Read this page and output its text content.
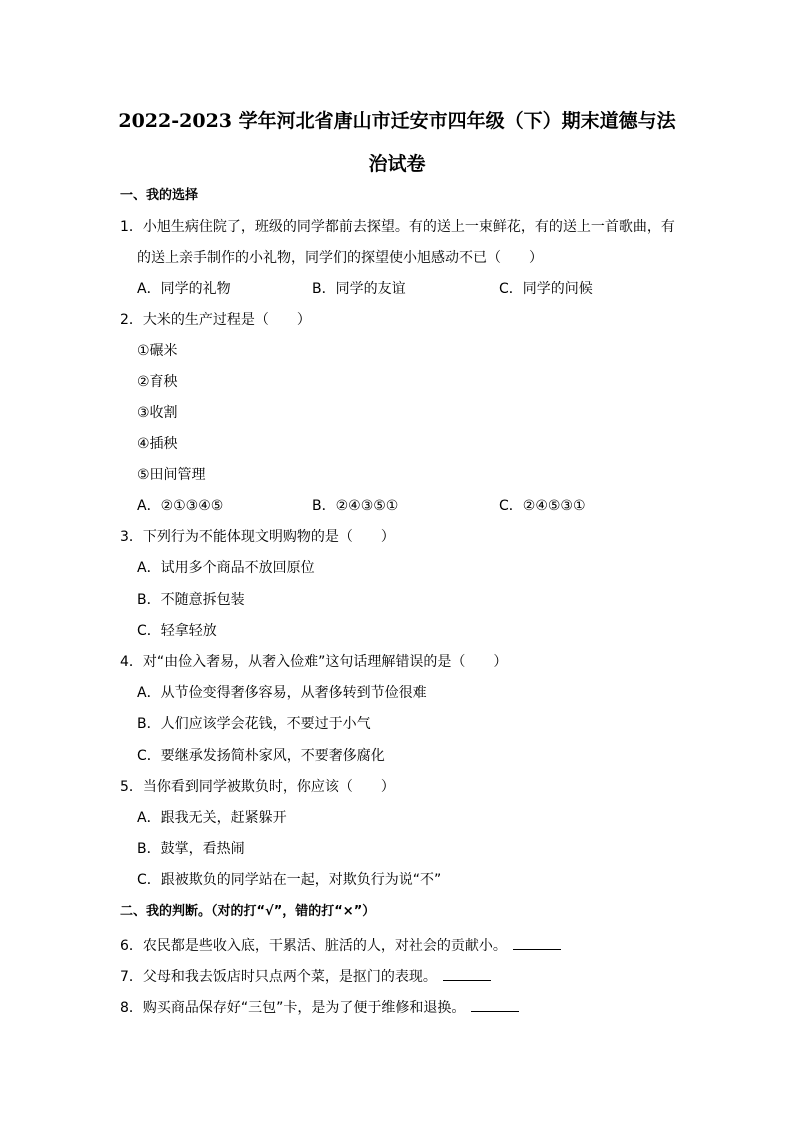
2022-2023 学年河北省唐山市迁安市四年级（下）期末道德与法
治试卷
一、我的选择
1．小旭生病住院了，班级的同学都前去探望。有的送上一束鲜花，有的送上一首歌曲，有
的送上亲手制作的小礼物，同学们的探望使小旭感动不已（　　）
A．同学的礼物	B．同学的友谊	C．同学的问候
2．大米的生产过程是（　　）
①碾米
②育秧
③收割
④插秧
⑤田间管理
A．②①③④⑤	B．②④③⑤①	C．②④⑤③①
3．下列行为不能体现文明购物的是（　　）
A．试用多个商品不放回原位
B．不随意拆包装
C．轻拿轻放
4．对“由俭入奢易，从奢入俭难”这句话理解错误的是（　　）
A．从节俭变得奢侈容易，从奢侈转到节俭很难
B．人们应该学会花钱，不要过于小气
C．要继承发扬简朴家风，不要奢侈腐化
5．当你看到同学被欺负时，你应该（　　）
A．跟我无关，赶紧躲开
B．鼓掌，看热闹
C．跟被欺负的同学站在一起，对欺负行为说“不”
二、我的判断。（对的打“√”，错的打“×”）
6．农民都是些收入底，干累活、脏活的人，对社会的贡献小。
7．父母和我去饭店时只点两个菜，是抠门的表现。
8．购买商品保存好“三包”卡，是为了便于维修和退换。
